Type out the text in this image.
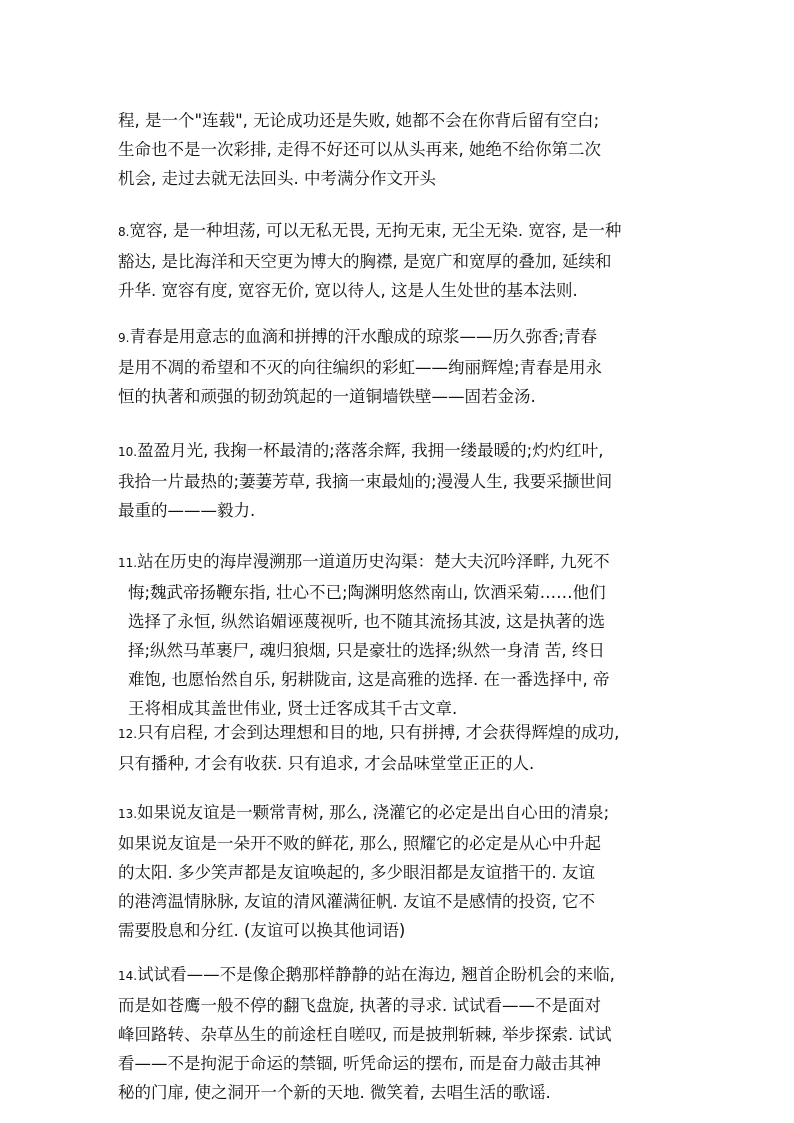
程, 是一个"连载", 无论成功还是失败, 她都不会在你背后留有空白;
生命也不是一次彩排, 走得不好还可以从头再来, 她绝不给你第二次
机会, 走过去就无法回头. 中考满分作文开头
8.宽容, 是一种坦荡, 可以无私无畏, 无拘无束, 无尘无染. 宽容, 是一种
豁达, 是比海洋和天空更为博大的胸襟, 是宽广和宽厚的叠加, 延续和
升华. 宽容有度, 宽容无价, 宽以待人, 这是人生处世的基本法则.
9.青春是用意志的血滴和拼搏的汗水酿成的琼浆——历久弥香;青春
是用不凋的希望和不灭的向往编织的彩虹——绚丽辉煌;青春是用永
恒的执著和顽强的韧劲筑起的一道铜墙铁壁——固若金汤.
10.盈盈月光, 我掬一杯最清的;落落余辉, 我拥一缕最暖的;灼灼红叶,
我拾一片最热的;萋萋芳草, 我摘一束最灿的;漫漫人生, 我要采撷世间
最重的———毅力.
11.站在历史的海岸漫溯那一道道历史沟渠：楚大夫沉吟泽畔, 九死不
悔;魏武帝扬鞭东指, 壮心不已;陶渊明悠然南山, 饮酒采菊……他们
选择了永恒, 纵然谄媚诬蔑视听, 也不随其流扬其波, 这是执著的选
择;纵然马革裹尸, 魂归狼烟, 只是豪壮的选择;纵然一身清 苦, 终日
难饱, 也愿怡然自乐, 躬耕陇亩, 这是高雅的选择. 在一番选择中, 帝
王将相成其盖世伟业, 贤士迁客成其千古文章.
12.只有启程, 才会到达理想和目的地, 只有拼搏, 才会获得辉煌的成功,
只有播种, 才会有收获. 只有追求, 才会品味堂堂正正的人.
13.如果说友谊是一颗常青树, 那么, 浇灌它的必定是出自心田的清泉;
如果说友谊是一朵开不败的鲜花, 那么, 照耀它的必定是从心中升起
的太阳. 多少笑声都是友谊唤起的, 多少眼泪都是友谊揩干的. 友谊
的港湾温情脉脉, 友谊的清风灌满征帆. 友谊不是感情的投资, 它不
需要股息和分红. (友谊可以换其他词语)
14.试试看——不是像企鹅那样静静的站在海边, 翘首企盼机会的来临,
而是如苍鹰一般不停的翻飞盘旋, 执著的寻求. 试试看——不是面对
峰回路转、杂草丛生的前途枉自嗟叹, 而是披荆斩棘, 举步探索. 试试
看——不是拘泥于命运的禁锢, 听凭命运的摆布, 而是奋力敲击其神
秘的门扉, 使之洞开一个新的天地. 微笑着, 去唱生活的歌谣.
